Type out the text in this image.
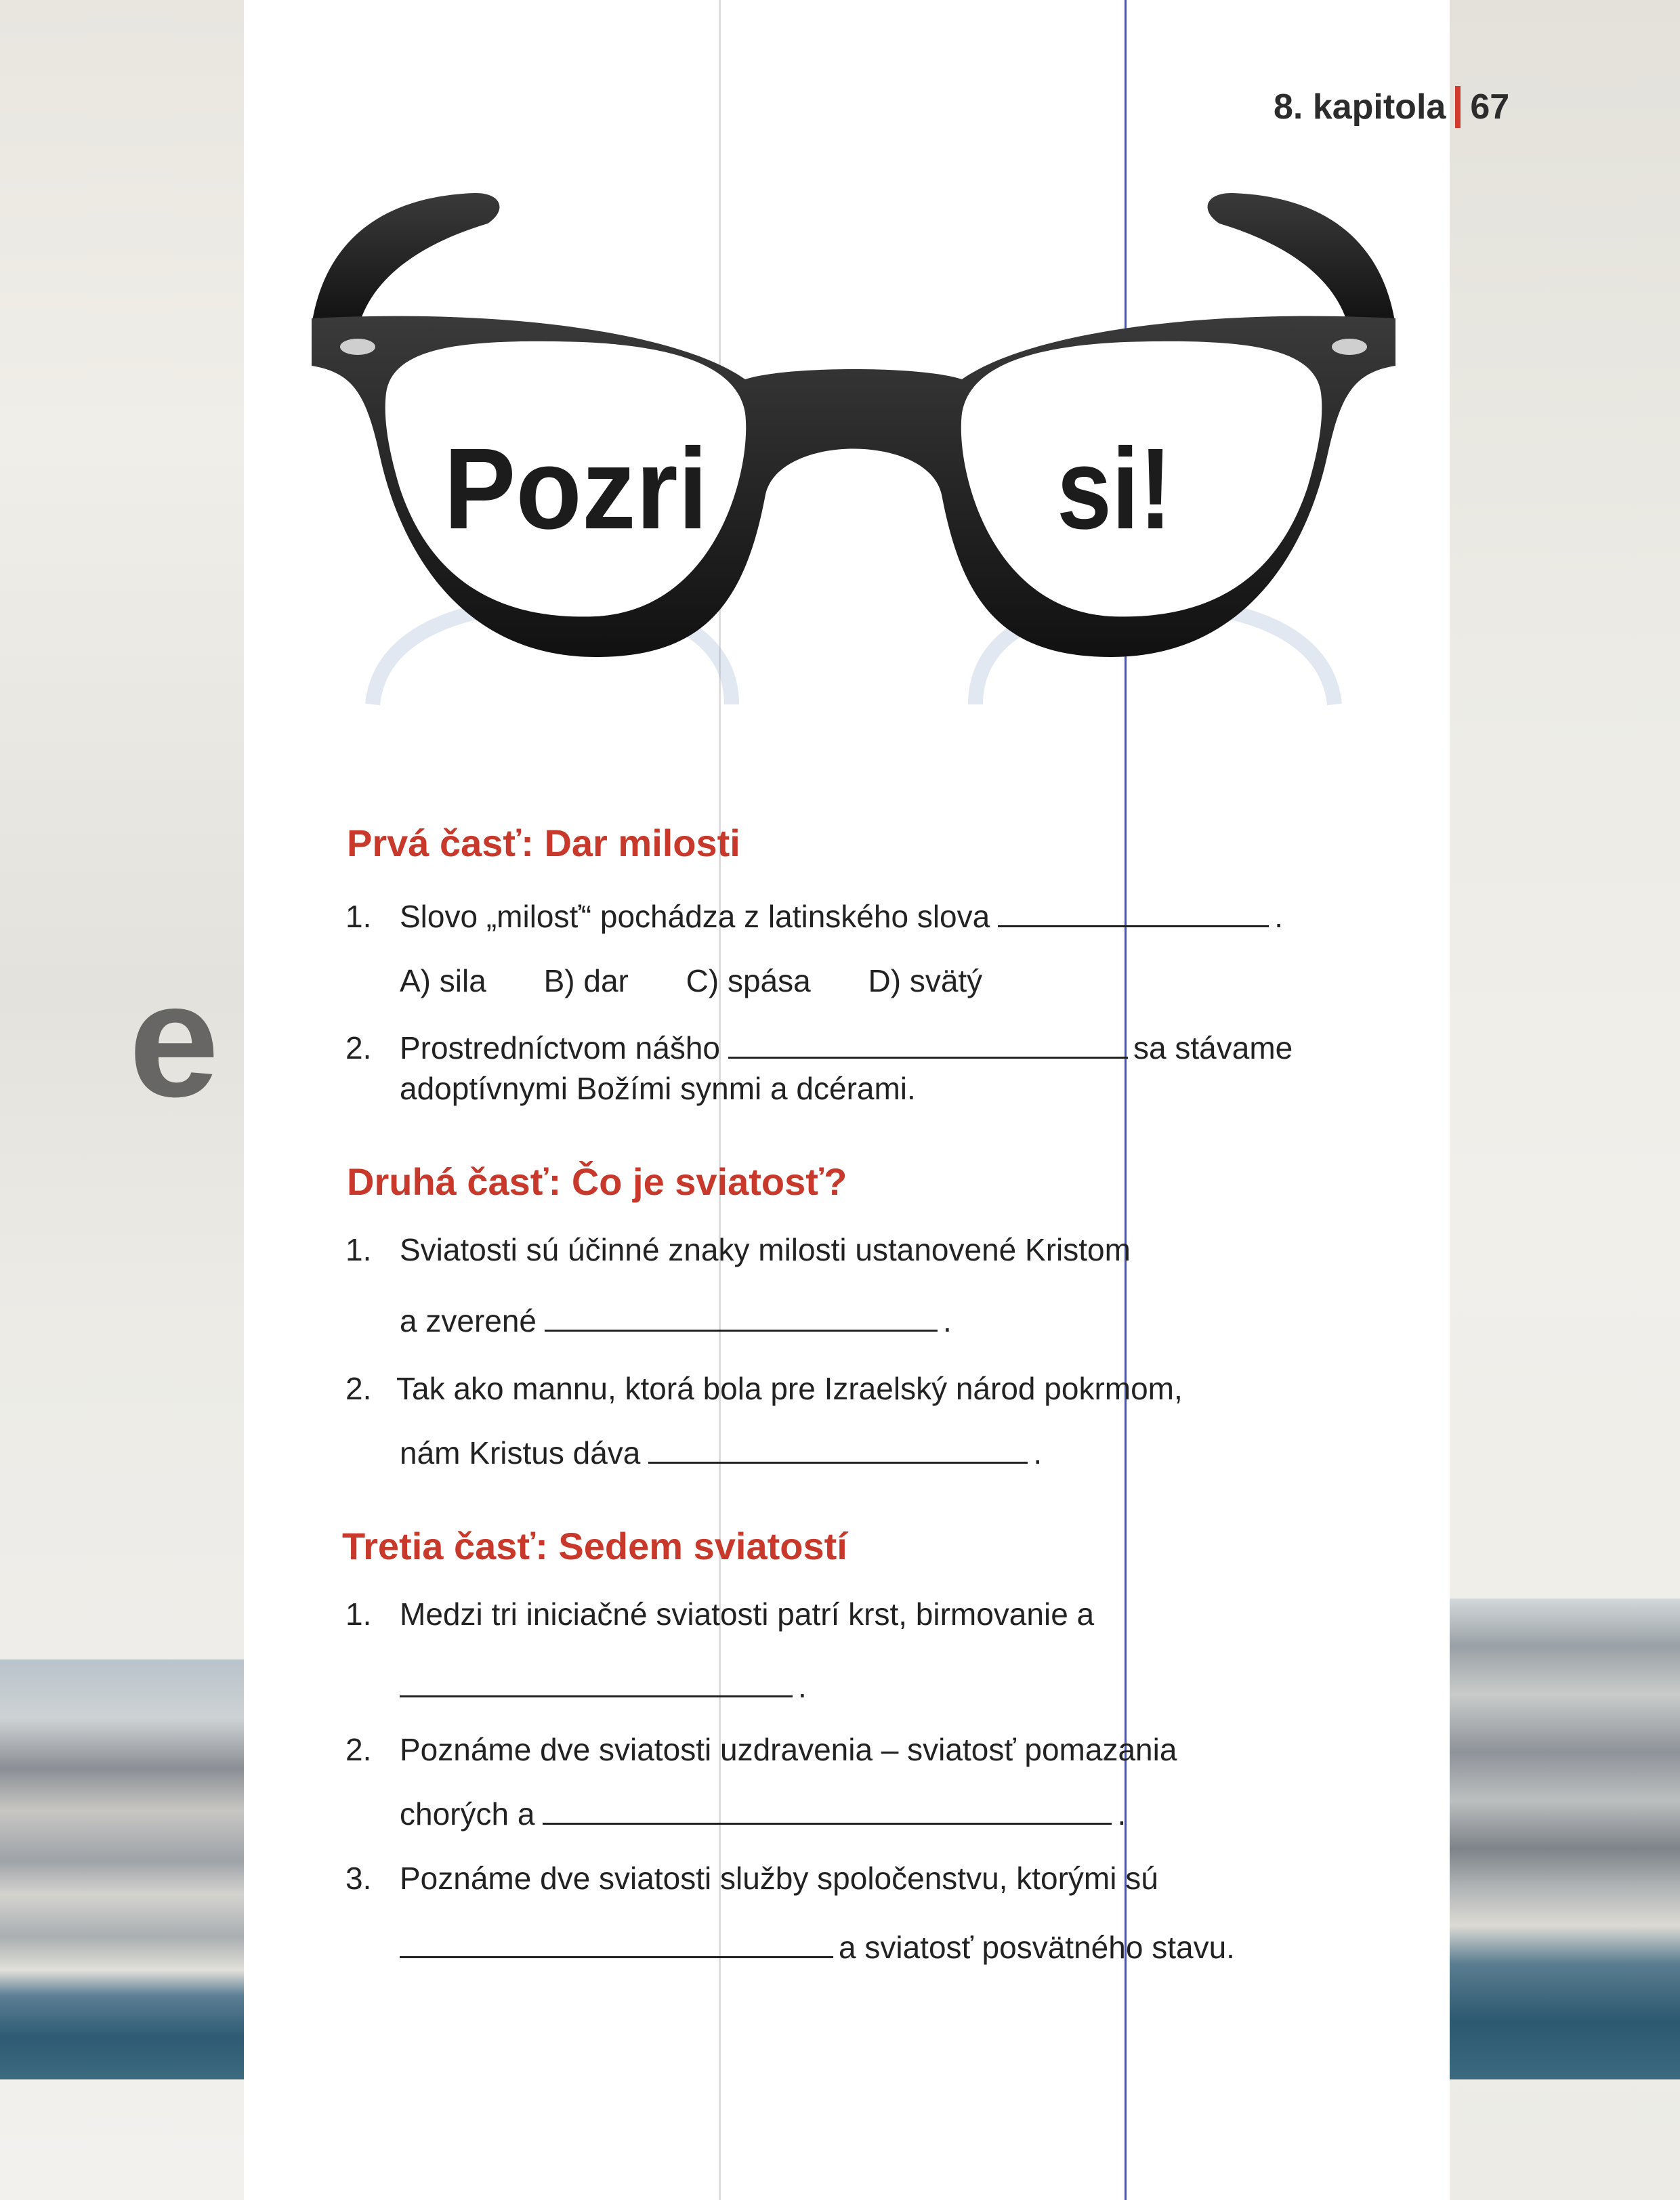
e
8. kapitola 67
Pozri	si!
Prvá časť: Dar milosti
1. Slovo „milosť“ pochádza z latinského slova	.
A) sila B) dar C) spása D) svätý
2. Prostredníctvom nášho	sa stávame
adoptívnymi Božími synmi a dcérami.
Druhá časť: Čo je sviatosť?
1. Sviatosti sú účinné znaky milosti ustanovené Kristom
a zverené	.
2. Tak ako mannu, ktorá bola pre Izraelský národ pokrmom,
nám Kristus dáva	.
Tretia časť: Sedem sviatostí
1. Medzi tri iniciačné sviatosti patrí krst, birmovanie a
.
2. Poznáme dve sviatosti uzdravenia – sviatosť pomazania
chorých a	.
3. Poznáme dve sviatosti služby spoločenstvu, ktorými sú
a sviatosť posvätného stavu.
